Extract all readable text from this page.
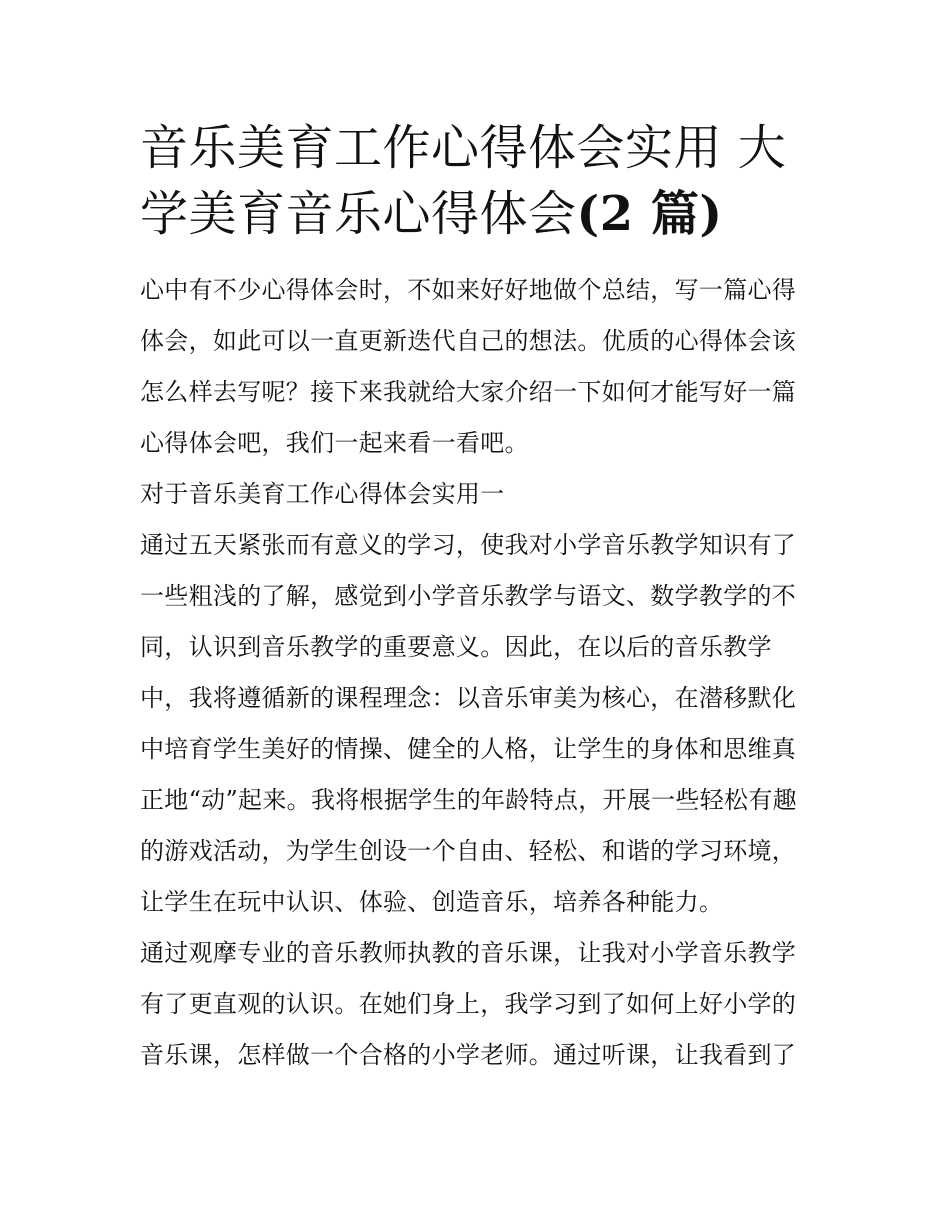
音乐美育工作心得体会实用 大
学美育音乐心得体会(2 篇)
心中有不少心得体会时，不如来好好地做个总结，写一篇心得
体会，如此可以一直更新迭代自己的想法。优质的心得体会该
怎么样去写呢？接下来我就给大家介绍一下如何才能写好一篇
心得体会吧，我们一起来看一看吧。
对于音乐美育工作心得体会实用一
通过五天紧张而有意义的学习，使我对小学音乐教学知识有了
一些粗浅的了解，感觉到小学音乐教学与语文、数学教学的不
同，认识到音乐教学的重要意义。因此，在以后的音乐教学
中，我将遵循新的课程理念：以音乐审美为核心，在潜移默化
中培育学生美好的情操、健全的人格，让学生的身体和思维真
正地“动”起来。我将根据学生的年龄特点，开展一些轻松有趣
的游戏活动，为学生创设一个自由、轻松、和谐的学习环境，
让学生在玩中认识、体验、创造音乐，培养各种能力。
通过观摩专业的音乐教师执教的音乐课，让我对小学音乐教学
有了更直观的认识。在她们身上，我学习到了如何上好小学的
音乐课，怎样做一个合格的小学老师。通过听课，让我看到了
